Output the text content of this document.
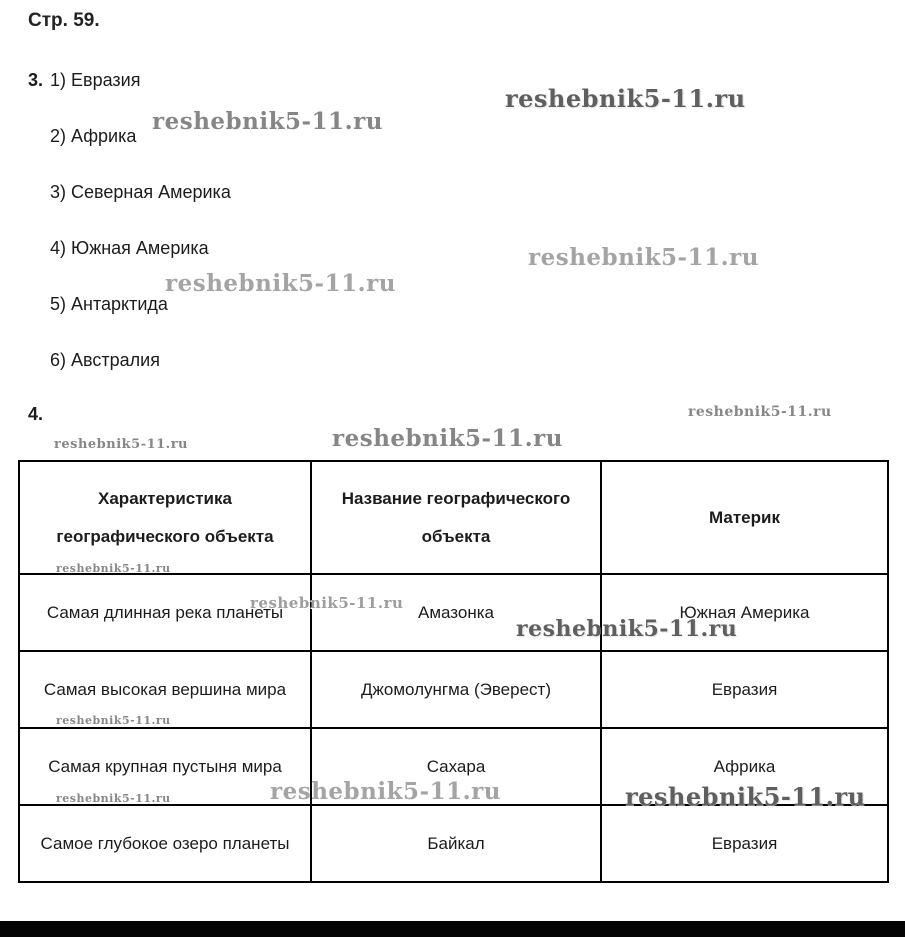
Стр. 59.
3. 1) Евразия
2) Африка
3) Северная Америка
4) Южная Америка
5) Антарктида
6) Австралия
4.
Характеристика географического объекта	Название географического объекта	Материк
Самая длинная река планеты	Амазонка	Южная Америка
Самая высокая вершина мира	Джомолунгма (Эверест)	Евразия
Самая крупная пустыня мира	Сахара	Африка
Самое глубокое озеро планеты	Байкал	Евразия
reshebnik5-11.ru
reshebnik5-11.ru
reshebnik5-11.ru
reshebnik5-11.ru
reshebnik5-11.ru
reshebnik5-11.ru
reshebnik5-11.ru
reshebnik5-11.ru
reshebnik5-11.ru
reshebnik5-11.ru
reshebnik5-11.ru
reshebnik5-11.ru	reshebnik5-11.ru	reshebnik5-11.ru
